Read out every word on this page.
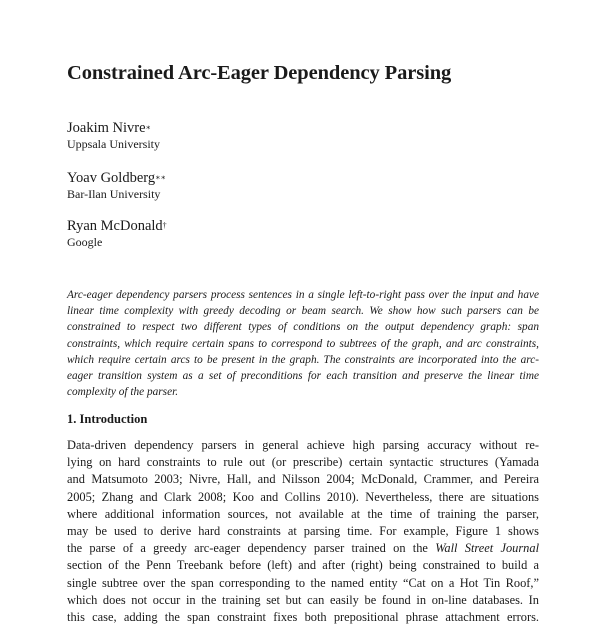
Constrained Arc-Eager Dependency Parsing
Joakim Nivre∗
Uppsala University
Yoav Goldberg∗∗
Bar-Ilan University
Ryan McDonald†
Google

Arc-eager dependency parsers process sentences in a single left-to-right pass over the input and have linear time complexity with greedy decoding or beam search. We show how such parsers can be constrained to respect two different types of conditions on the output dependency graph: span constraints, which require certain spans to correspond to subtrees of the graph, and arc constraints, which require certain arcs to be present in the graph. The constraints are incorporated into the arc-eager transition system as a set of preconditions for each transition and preserve the linear time complexity of the parser.

1. Introduction
Data-driven dependency parsers in general achieve high parsing accuracy without re-
lying on hard constraints to rule out (or prescribe) certain syntactic structures (Yamada
and Matsumoto 2003; Nivre, Hall, and Nilsson 2004; McDonald, Crammer, and Pereira
2005; Zhang and Clark 2008; Koo and Collins 2010). Nevertheless, there are situations
where additional information sources, not available at the time of training the parser,
may be used to derive hard constraints at parsing time. For example, Figure 1 shows
the parse of a greedy arc-eager dependency parser trained on the Wall Street Journal
section of the Penn Treebank before (left) and after (right) being constrained to build a
single subtree over the span corresponding to the named entity “Cat on a Hot Tin Roof,”
which does not occur in the training set but can easily be found in on-line databases. In
this case, adding the span constraint fixes both prepositional phrase attachment errors.
